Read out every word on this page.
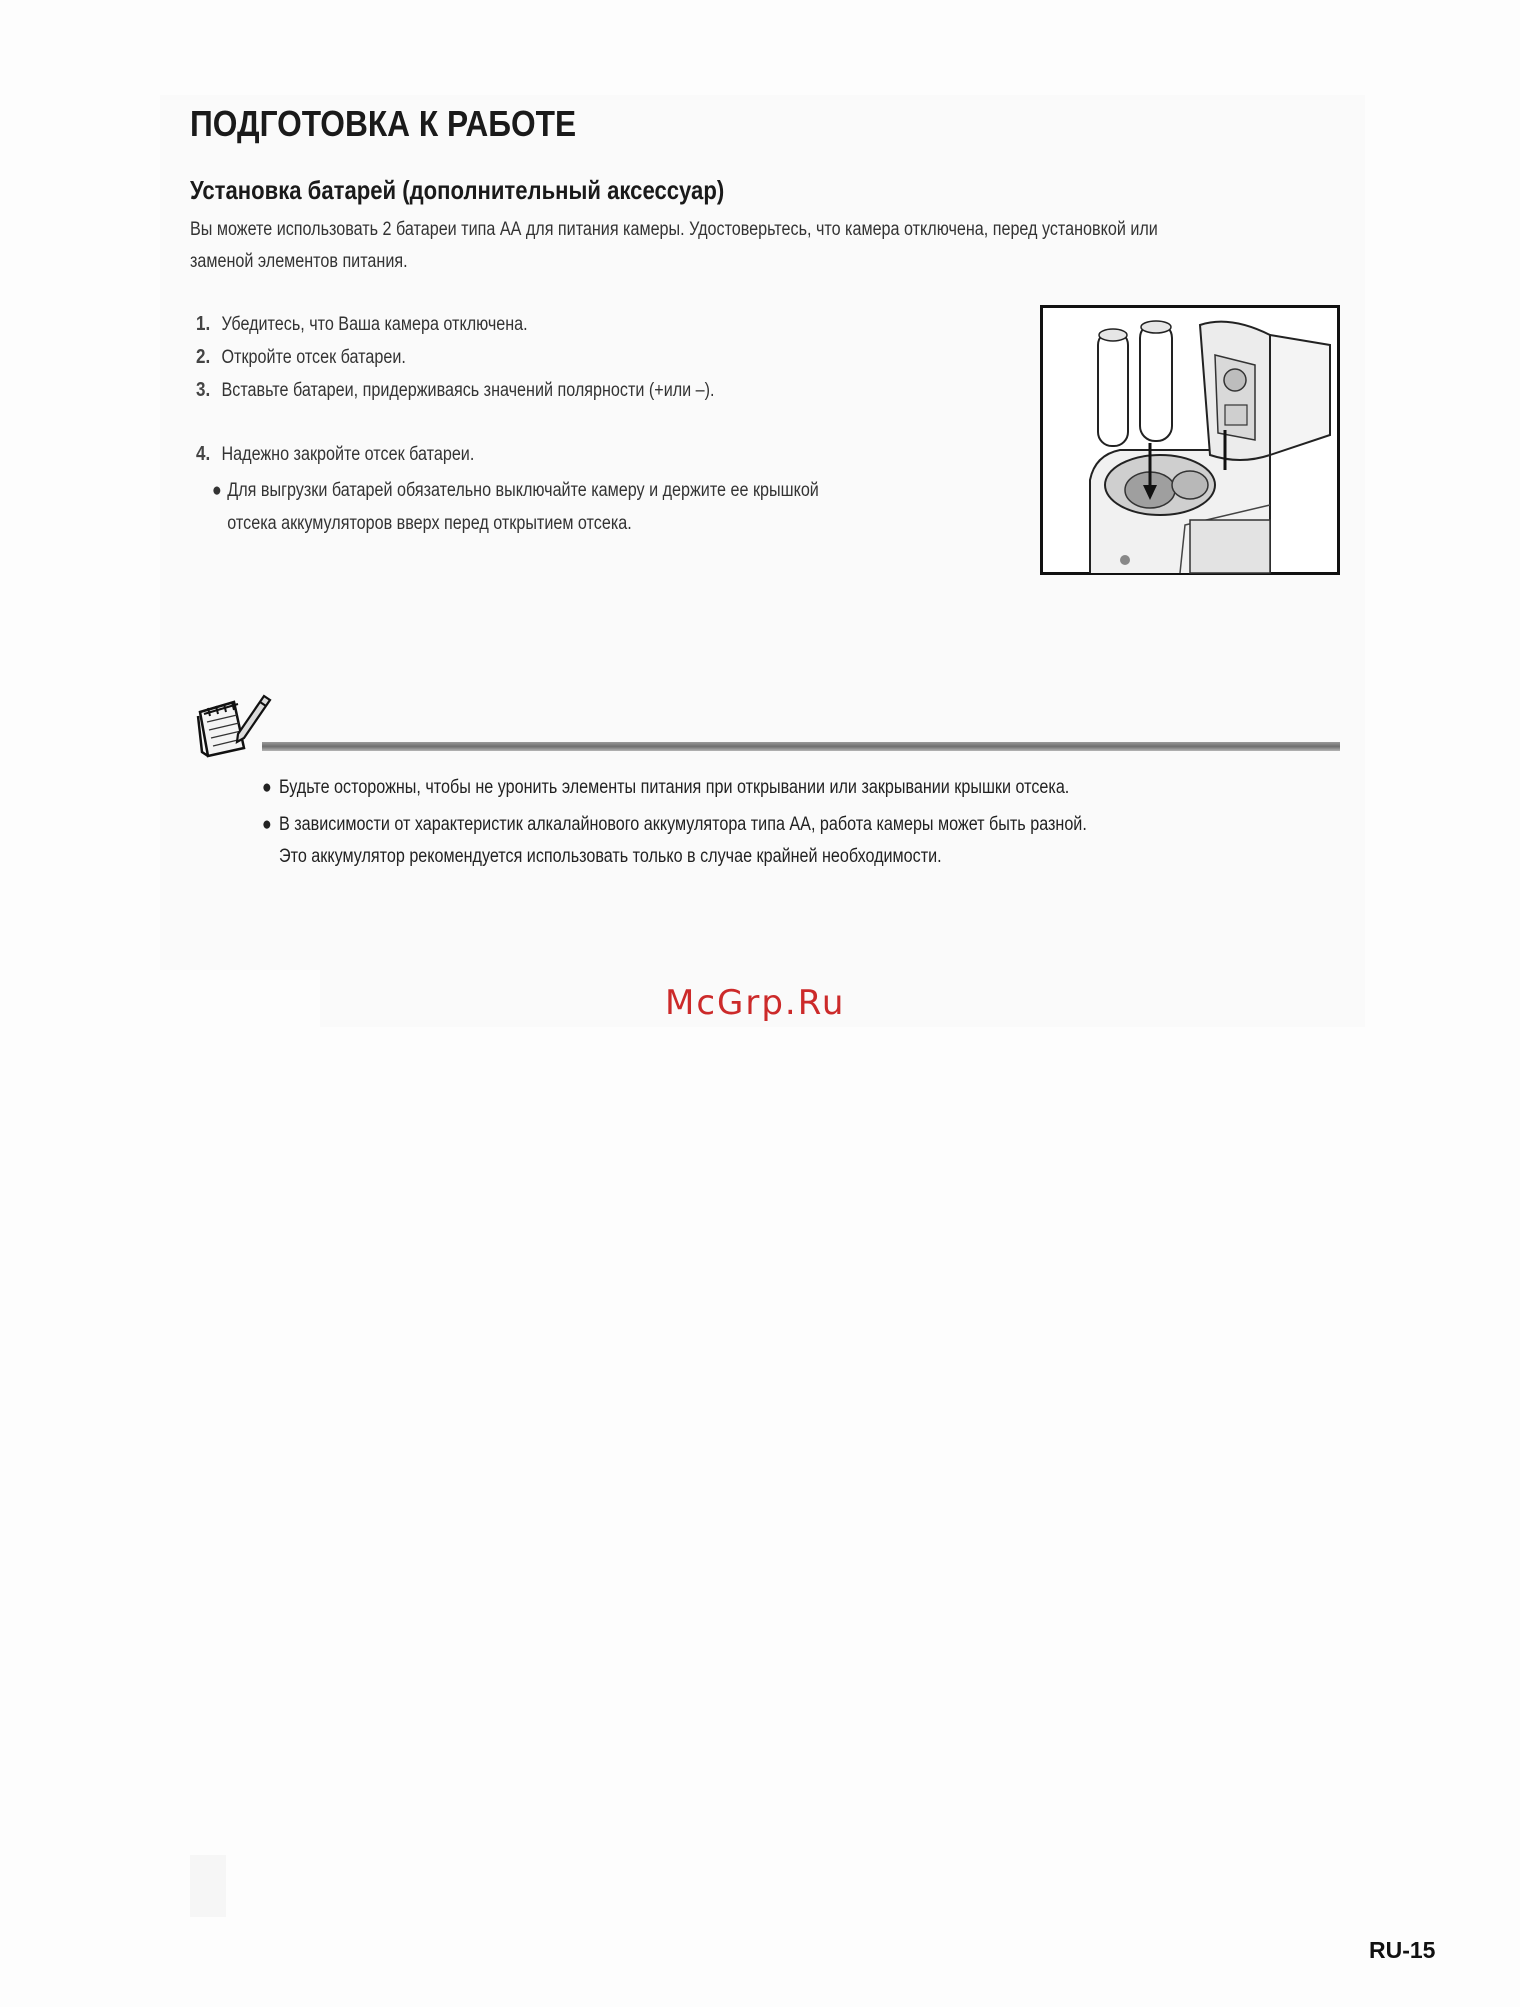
ПОДГОТОВКА К РАБОТЕ
Установка батарей (дополнительный аксессуар)
Вы можете использовать 2 батареи типа АА для питания камеры. Удостоверьтесь, что камера отключена, перед установкой или
заменой элементов питания.
1. Убедитесь, что Ваша камера отключена.
2. Откройте отсек батареи.
3. Вставьте батареи, придерживаясь значений полярности (+или –).
4. Надежно закройте отсек батареи.
● Для выгрузки батарей обязательно выключайте камеру и держите ее крышкой
отсека аккумуляторов вверх перед открытием отсека.
● Будьте осторожны, чтобы не уронить элементы питания при открывании или закрывании крышки отсека.
● В зависимости от характеристик алкалайнового аккумулятора типа АА, работа камеры может быть разной.
Это аккумулятор рекомендуется использовать только в случае крайней необходимости.
McGrp.Ru
RU-15
